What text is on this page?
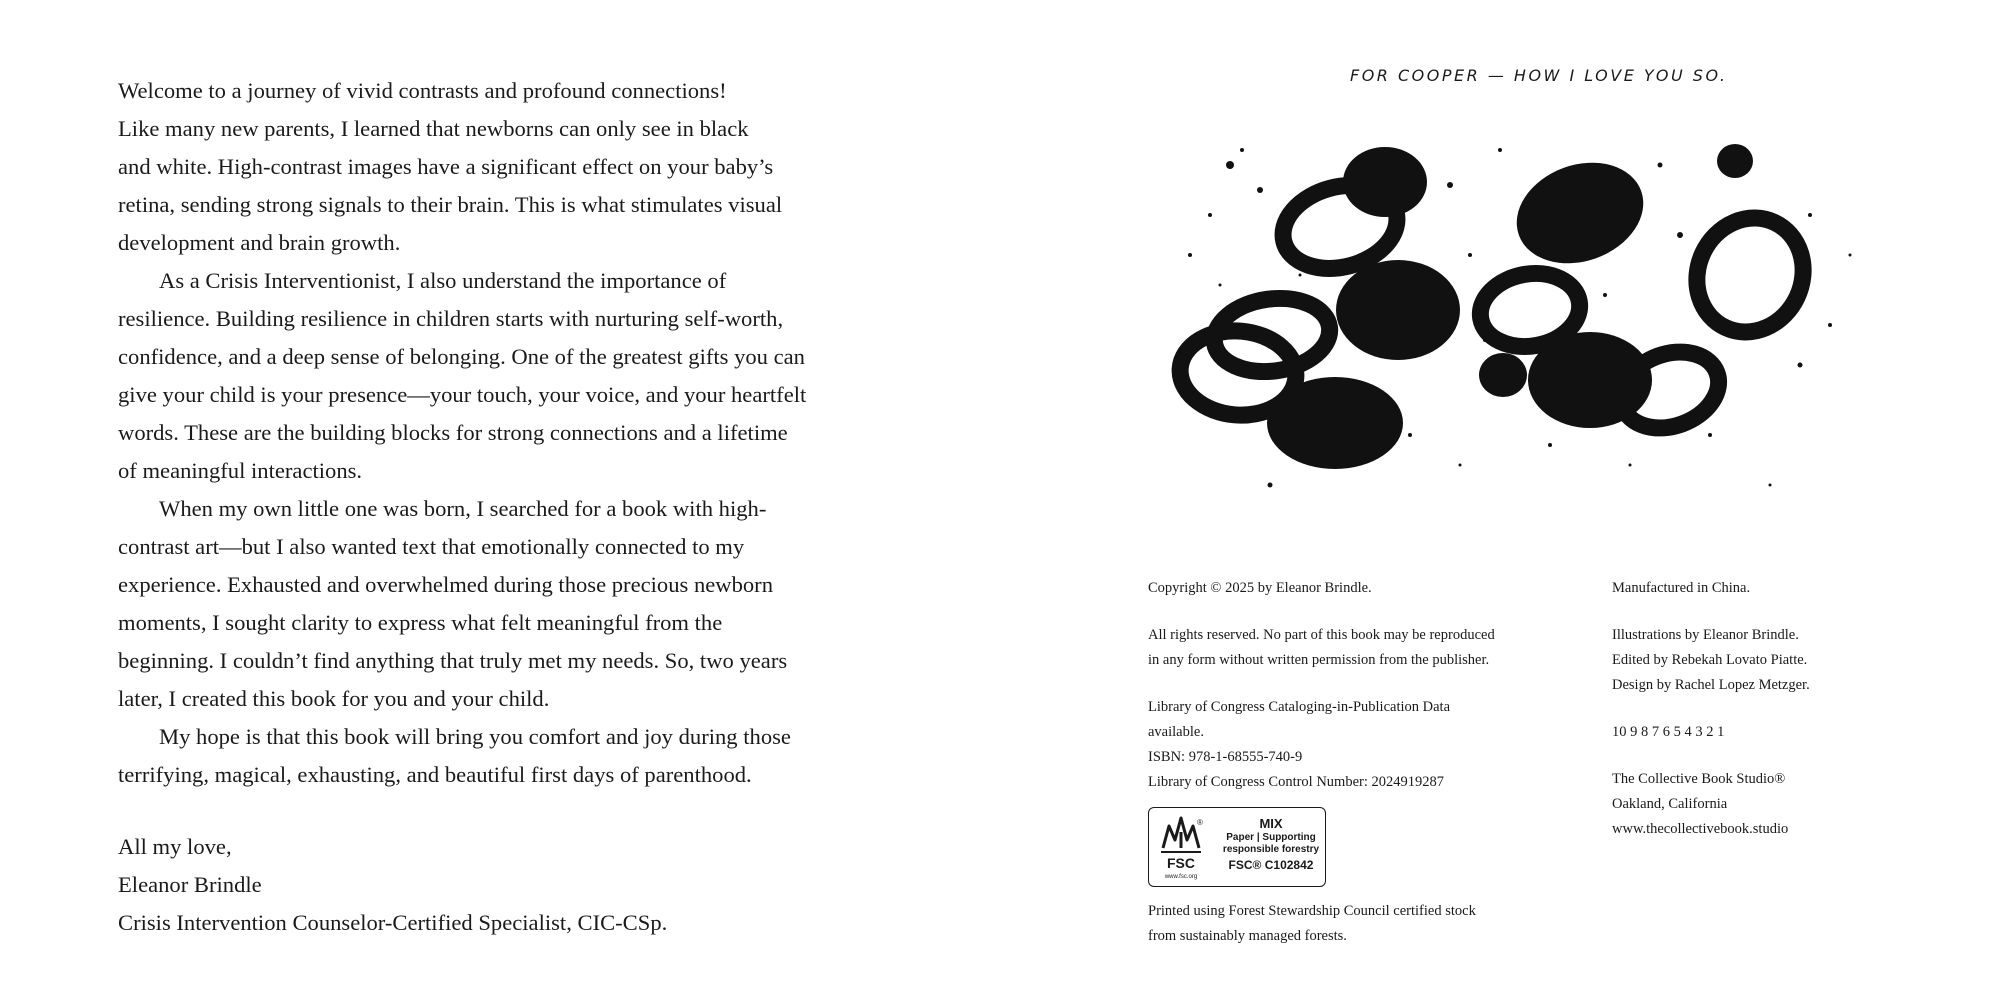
Welcome to a journey of vivid contrasts and profound connections!
Like many new parents, I learned that newborns can only see in black
and white. High-contrast images have a significant effect on your baby’s
retina, sending strong signals to their brain. This is what stimulates visual
development and brain growth.

As a Crisis Interventionist, I also understand the importance of
resilience. Building resilience in children starts with nurturing self-worth,
confidence, and a deep sense of belonging. One of the greatest gifts you can
give your child is your presence—your touch, your voice, and your heartfelt
words. These are the building blocks for strong connections and a lifetime
of meaningful interactions.

When my own little one was born, I searched for a book with high-
contrast art—but I also wanted text that emotionally connected to my
experience. Exhausted and overwhelmed during those precious newborn
moments, I sought clarity to express what felt meaningful from the
beginning. I couldn’t find anything that truly met my needs. So, two years
later, I created this book for you and your child.

My hope is that this book will bring you comfort and joy during those
terrifying, magical, exhausting, and beautiful first days of parenthood.

All my love,
Eleanor Brindle
Crisis Intervention Counselor-Certified Specialist, CIC-CSp.
FOR COOPER — HOW I LOVE YOU SO.

Copyright © 2025 by Eleanor Brindle.

All rights reserved. No part of this book may be reproduced
in any form without written permission from the publisher.

Library of Congress Cataloging-in-Publication Data
available.
ISBN: 978-1-68555-740-9
Library of Congress Control Number: 2024919287

FSC
www.fsc.org
®	MIX
Paper | Supporting
responsible forestry
FSC® C102842

Printed using Forest Stewardship Council certified stock
from sustainably managed forests.

Manufactured in China.

Illustrations by Eleanor Brindle.
Edited by Rebekah Lovato Piatte.
Design by Rachel Lopez Metzger.

10 9 8 7 6 5 4 3 2 1

The Collective Book Studio®
Oakland, California
www.thecollectivebook.studio
